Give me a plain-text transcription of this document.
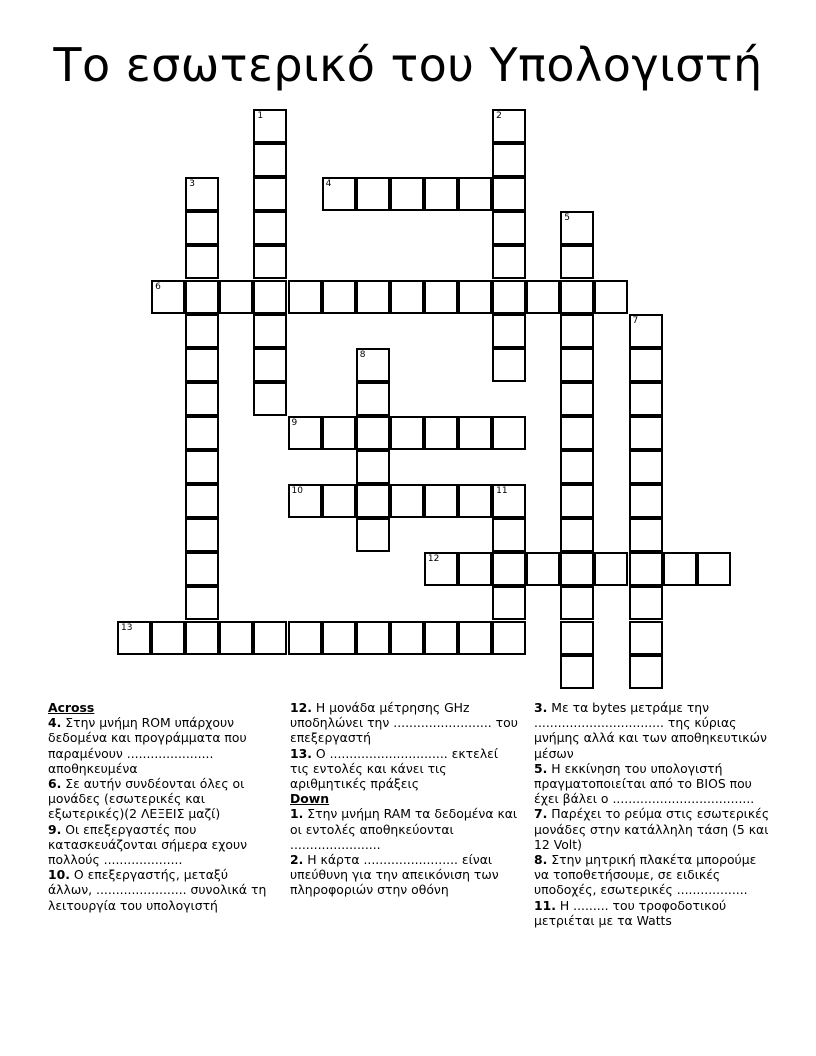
Το εσωτερικό του Υπολογιστή
1	2
3	4
5
6
7
8
9
10	11
12
13
Across
4. Στην μνήμη ROM υπάρχουν δεδομένα και προγράμματα που παραμένουν ...................... αποθηκευμένα
6. Σε αυτήν συνδέονται όλες οι μονάδες (εσωτερικές και εξωτερικές)(2 ΛΕΞΕΙΣ μαζί)
9. Οι επεξεργαστές που κατασκευάζονται σήμερα εχουν πολλούς ....................
10. Ο επεξεργαστής, μεταξύ άλλων, ....................... συνολικά τη λειτουργία του υπολογιστή
12. Η μονάδα μέτρησης GHz υποδηλώνει την ......................... του επεξεργαστή
13. Ο .............................. εκτελεί τις εντολές και κάνει τις αριθμητικές πράξεις
Down
1. Στην μνήμη RAM τα δεδομένα και οι εντολές αποθηκεύονται .......................
2. Η κάρτα ........................ είναι υπεύθυνη για την απεικόνιση των πληροφοριών στην οθόνη
3. Με τα bytes μετράμε την ................................. της κύριας μνήμης αλλά και των αποθηκευτικών μέσων
5. Η εκκίνηση του υπολογιστή πραγματοποιείται από το BIOS που έχει βάλει ο ....................................
7. Παρέχει το ρεύμα στις εσωτερικές μονάδες στην κατάλληλη τάση (5 και 12 Volt)
8. Στην μητρική πλακέτα μπορούμε να τοποθετήσουμε, σε ειδικές υποδοχές, εσωτερικές ..................
11. Η ......... του τροφοδοτικού μετριέται με τα Watts
